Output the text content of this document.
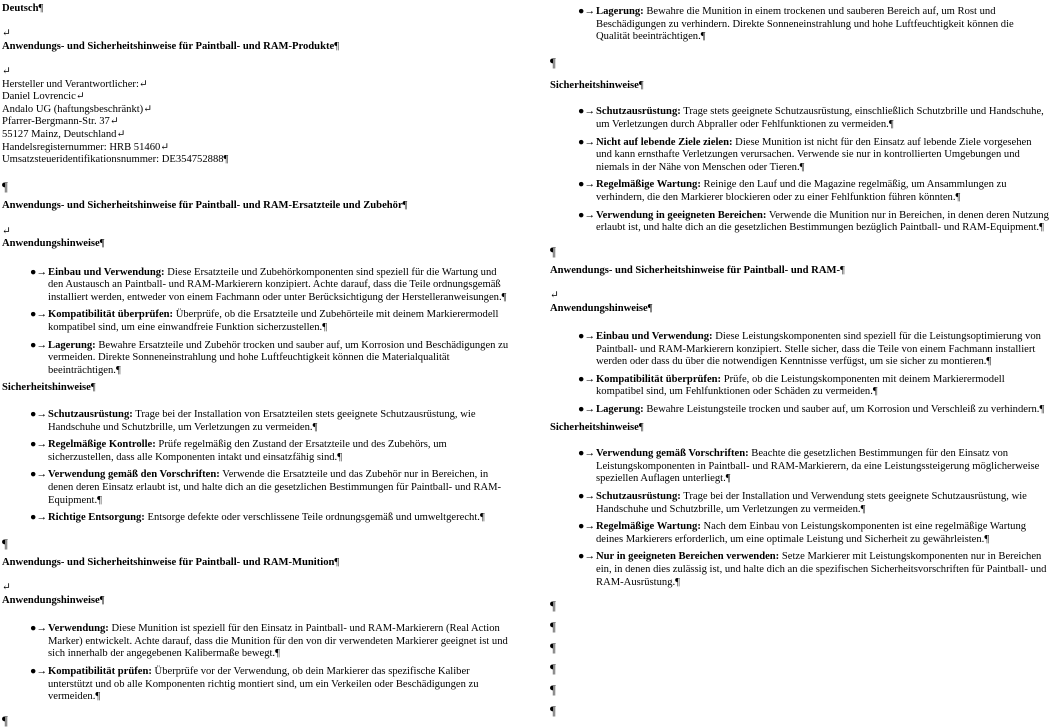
Deutsch¶

↵

Anwendungs- und Sicherheitshinweise für Paintball- und RAM-Produkte¶

↵

Hersteller und Verantwortlicher:↵

Daniel Lovrencic↵

Andalo UG (haftungsbeschränkt)↵

Pfarrer-Bergmann-Str. 37↵

55127 Mainz, Deutschland↵

Handelsregisternummer: HRB 51460↵

Umsatzsteueridentifikationsnummer: DE354752888¶

¶

Anwendungs- und Sicherheitshinweise für Paintball- und RAM-Ersatzteile und Zubehör¶

↵

Anwendungshinweise¶

●→ Einbau und Verwendung: Diese Ersatzteile und Zubehörkomponenten sind speziell für die Wartung und den Austausch an Paintball- und RAM-Markierern konzipiert. Achte darauf, dass die Teile ordnungsgemäß installiert werden, entweder von einem Fachmann oder unter Berücksichtigung der Herstelleranweisungen.¶
●→ Kompatibilität überprüfen: Überprüfe, ob die Ersatzteile und Zubehörteile mit deinem Markierermodell kompatibel sind, um eine einwandfreie Funktion sicherzustellen.¶
●→ Lagerung: Bewahre Ersatzteile und Zubehör trocken und sauber auf, um Korrosion und Beschädigungen zu vermeiden. Direkte Sonneneinstrahlung und hohe Luftfeuchtigkeit können die Materialqualität beeinträchtigen.¶

Sicherheitshinweise¶

●→ Schutzausrüstung: Trage bei der Installation von Ersatzteilen stets geeignete Schutzausrüstung, wie Handschuhe und Schutzbrille, um Verletzungen zu vermeiden.¶
●→ Regelmäßige Kontrolle: Prüfe regelmäßig den Zustand der Ersatzteile und des Zubehörs, um sicherzustellen, dass alle Komponenten intakt und einsatzfähig sind.¶
●→ Verwendung gemäß den Vorschriften: Verwende die Ersatzteile und das Zubehör nur in Bereichen, in denen deren Einsatz erlaubt ist, und halte dich an die gesetzlichen Bestimmungen für Paintball- und RAM-Equipment.¶
●→ Richtige Entsorgung: Entsorge defekte oder verschlissene Teile ordnungsgemäß und umweltgerecht.¶

¶

Anwendungs- und Sicherheitshinweise für Paintball- und RAM-Munition¶

↵

Anwendungshinweise¶

●→ Verwendung: Diese Munition ist speziell für den Einsatz in Paintball- und RAM-Markierern (Real Action Marker) entwickelt. Achte darauf, dass die Munition für den von dir verwendeten Markierer geeignet ist und sich innerhalb der angegebenen Kalibermaße bewegt.¶
●→ Kompatibilität prüfen: Überprüfe vor der Verwendung, ob dein Markierer das spezifische Kaliber unterstützt und ob alle Komponenten richtig montiert sind, um ein Verkeilen oder Beschädigungen zu vermeiden.¶

¶

●→ Lagerung: Bewahre die Munition in einem trockenen und sauberen Bereich auf, um Rost und Beschädigungen zu verhindern. Direkte Sonneneinstrahlung und hohe Luftfeuchtigkeit können die Qualität beeinträchtigen.¶

¶

Sicherheitshinweise¶

●→ Schutzausrüstung: Trage stets geeignete Schutzausrüstung, einschließlich Schutzbrille und Handschuhe, um Verletzungen durch Abpraller oder Fehlfunktionen zu vermeiden.¶
●→ Nicht auf lebende Ziele zielen: Diese Munition ist nicht für den Einsatz auf lebende Ziele vorgesehen und kann ernsthafte Verletzungen verursachen. Verwende sie nur in kontrollierten Umgebungen und niemals in der Nähe von Menschen oder Tieren.¶
●→ Regelmäßige Wartung: Reinige den Lauf und die Magazine regelmäßig, um Ansammlungen zu verhindern, die den Markierer blockieren oder zu einer Fehlfunktion führen könnten.¶
●→ Verwendung in geeigneten Bereichen: Verwende die Munition nur in Bereichen, in denen deren Nutzung erlaubt ist, und halte dich an die gesetzlichen Bestimmungen bezüglich Paintball- und RAM-Equipment.¶

¶

Anwendungs- und Sicherheitshinweise für Paintball- und RAM-¶

↵

Anwendungshinweise¶

●→ Einbau und Verwendung: Diese Leistungskomponenten sind speziell für die Leistungsoptimierung von Paintball- und RAM-Markierern konzipiert. Stelle sicher, dass die Teile von einem Fachmann installiert werden oder dass du über die notwendigen Kenntnisse verfügst, um sie sicher zu montieren.¶
●→ Kompatibilität überprüfen: Prüfe, ob die Leistungskomponenten mit deinem Markierermodell kompatibel sind, um Fehlfunktionen oder Schäden zu vermeiden.¶
●→ Lagerung: Bewahre Leistungsteile trocken und sauber auf, um Korrosion und Verschleiß zu verhindern.¶

Sicherheitshinweise¶

●→ Verwendung gemäß Vorschriften: Beachte die gesetzlichen Bestimmungen für den Einsatz von Leistungskomponenten in Paintball- und RAM-Markierern, da eine Leistungssteigerung möglicherweise speziellen Auflagen unterliegt.¶
●→ Schutzausrüstung: Trage bei der Installation und Verwendung stets geeignete Schutzausrüstung, wie Handschuhe und Schutzbrille, um Verletzungen zu vermeiden.¶
●→ Regelmäßige Wartung: Nach dem Einbau von Leistungskomponenten ist eine regelmäßige Wartung deines Markierers erforderlich, um eine optimale Leistung und Sicherheit zu gewährleisten.¶
●→ Nur in geeigneten Bereichen verwenden: Setze Markierer mit Leistungskomponenten nur in Bereichen ein, in denen dies zulässig ist, und halte dich an die spezifischen Sicherheitsvorschriften für Paintball- und RAM-Ausrüstung.¶

¶

¶

¶

¶

¶

¶
